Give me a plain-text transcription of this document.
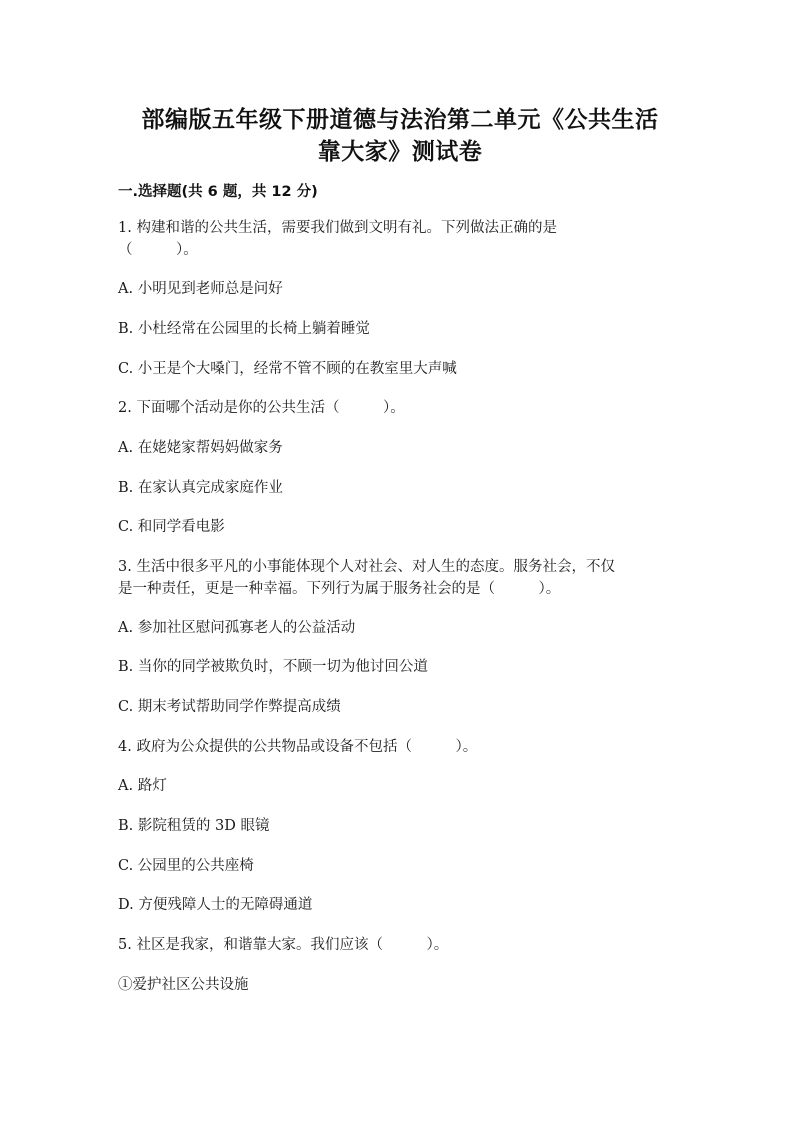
部编版五年级下册道德与法治第二单元《公共生活
靠大家》测试卷
一.选择题(共 6 题，共 12 分)
1. 构建和谐的公共生活，需要我们做到文明有礼。下列做法正确的是
（　　　）。
A. 小明见到老师总是问好
B. 小杜经常在公园里的长椅上躺着睡觉
C. 小王是个大嗓门，经常不管不顾的在教室里大声喊
2. 下面哪个活动是你的公共生活（　　　）。
A. 在姥姥家帮妈妈做家务
B. 在家认真完成家庭作业
C. 和同学看电影
3. 生活中很多平凡的小事能体现个人对社会、对人生的态度。服务社会，不仅
是一种责任，更是一种幸福。下列行为属于服务社会的是（　　　）。
A. 参加社区慰问孤寡老人的公益活动
B. 当你的同学被欺负时，不顾一切为他讨回公道
C. 期末考试帮助同学作弊提高成绩
4. 政府为公众提供的公共物品或设备不包括（　　　）。
A. 路灯
B. 影院租赁的 3D 眼镜
C. 公园里的公共座椅
D. 方便残障人士的无障碍通道
5. 社区是我家，和谐靠大家。我们应该（　　　）。
①爱护社区公共设施
